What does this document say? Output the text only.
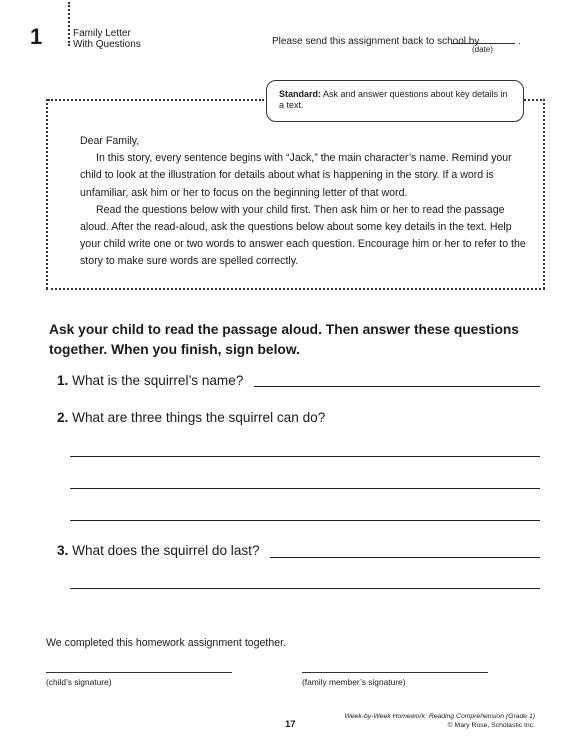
1	Family Letter
With Questions	Please send this assignment back to school by	.
(date)
Standard: Ask and answer questions about key details in a text.

Dear Family,

In this story, every sentence begins with “Jack,” the main character’s name. Remind your child to look at the illustration for details about what is happening in the story. If a word is unfamiliar, ask him or her to focus on the beginning letter of that word.

Read the questions below with your child first. Then ask him or her to read the passage aloud. After the read-aloud, ask the questions below about some key details in the text. Help your child write one or two words to answer each question. Encourage him or her to refer to the story to make sure words are spelled correctly.

Ask your child to read the passage aloud. Then answer these questions together. When you finish, sign below.
1. What is the squirrel’s name?
2. What are three things the squirrel can do?
3. What does the squirrel do last?
We completed this homework assignment together.
(child’s signature)	(family member’s signature)
17
Week-by-Week Homework: Reading Comprehension (Grade 1)
© Mary Rose, Scholastic Inc.
